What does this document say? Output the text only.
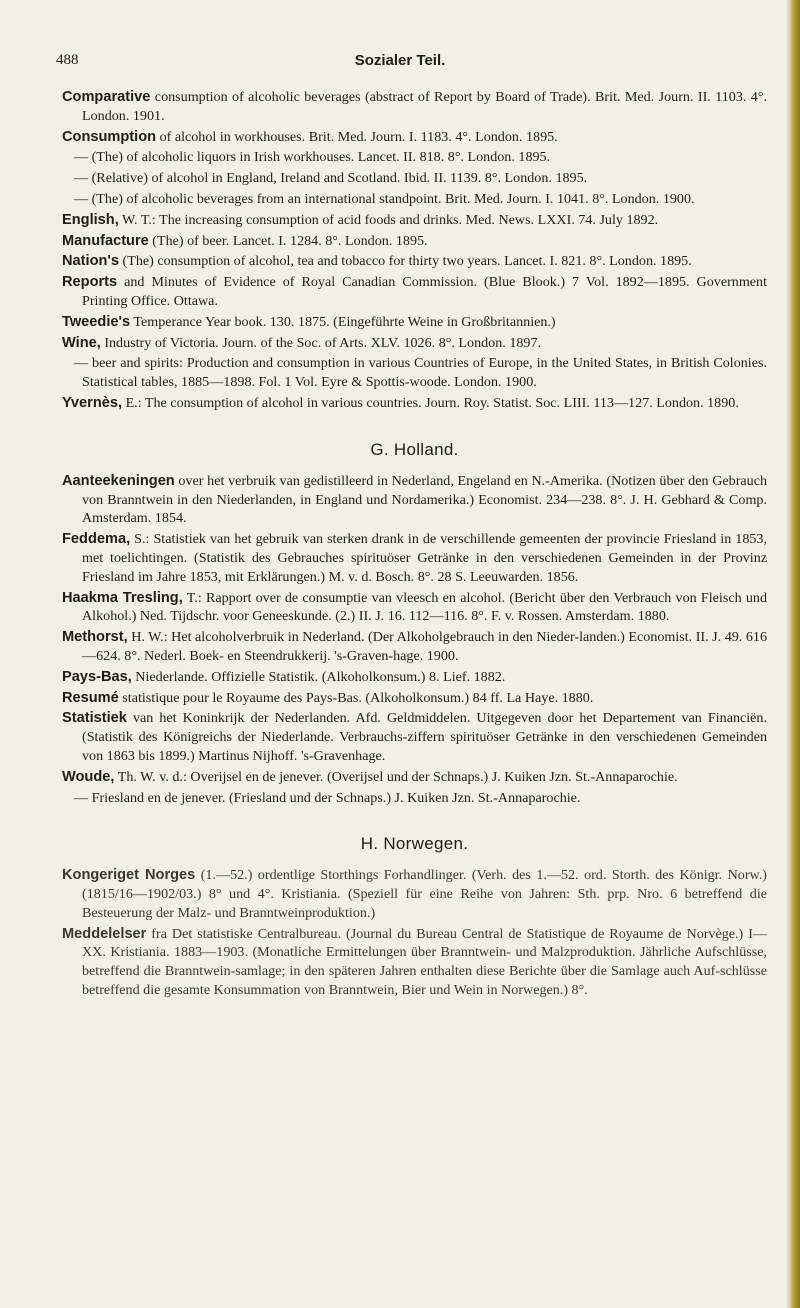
488	Sozialer Teil.

Comparative consumption of alcoholic beverages (abstract of Report by Board of Trade). Brit. Med. Journ. II. 1103. 4°. London. 1901.

Consumption of alcohol in workhouses. Brit. Med. Journ. I. 1183. 4°. London. 1895.

— (The) of alcoholic liquors in Irish workhouses. Lancet. II. 818. 8°. London. 1895.

— (Relative) of alcohol in England, Ireland and Scotland. Ibid. II. 1139. 8°. London. 1895.

— (The) of alcoholic beverages from an international standpoint. Brit. Med. Journ. I. 1041. 8°. London. 1900.

English, W. T.: The increasing consumption of acid foods and drinks. Med. News. LXXI. 74. July 1892.

Manufacture (The) of beer. Lancet. I. 1284. 8°. London. 1895.

Nation's (The) consumption of alcohol, tea and tobacco for thirty two years. Lancet. I. 821. 8°. London. 1895.

Reports and Minutes of Evidence of Royal Canadian Commission. (Blue Blook.) 7 Vol. 1892—1895. Government Printing Office. Ottawa.

Tweedie's Temperance Year book. 130. 1875. (Eingeführte Weine in Großbritannien.)

Wine, Industry of Victoria. Journ. of the Soc. of Arts. XLV. 1026. 8°. London. 1897.

— beer and spirits: Production and consumption in various Countries of Europe, in the United States, in British Colonies. Statistical tables, 1885—1898. Fol. 1 Vol. Eyre & Spottis-woode. London. 1900.

Yvernès, E.: The consumption of alcohol in various countries. Journ. Roy. Statist. Soc. LIII. 113—127. London. 1890.

G. Holland.

Aanteekeningen over het verbruik van gedistilleerd in Nederland, Engeland en N.-Amerika. (Notizen über den Gebrauch von Branntwein in den Niederlanden, in England und Nordamerika.) Economist. 234—238. 8°. J. H. Gebhard & Comp. Amsterdam. 1854.

Feddema, S.: Statistiek van het gebruik van sterken drank in de verschillende gemeenten der provincie Friesland in 1853, met toelichtingen. (Statistik des Gebrauches spirituöser Getränke in den verschiedenen Gemeinden in der Provinz Friesland im Jahre 1853, mit Erklärungen.) M. v. d. Bosch. 8°. 28 S. Leeuwarden. 1856.

Haakma Tresling, T.: Rapport over de consumptie van vleesch en alcohol. (Bericht über den Verbrauch von Fleisch und Alkohol.) Ned. Tijdschr. voor Geneeskunde. (2.) II. J. 16. 112—116. 8°. F. v. Rossen. Amsterdam. 1880.

Methorst, H. W.: Het alcoholverbruik in Nederland. (Der Alkoholgebrauch in den Nieder-landen.) Economist. II. J. 49. 616—624. 8°. Nederl. Boek- en Steendrukkerij. 's-Graven-hage. 1900.

Pays-Bas, Niederlande. Offizielle Statistik. (Alkoholkonsum.) 8. Lief. 1882.

Resumé statistique pour le Royaume des Pays-Bas. (Alkoholkonsum.) 84 ff. La Haye. 1880.

Statistiek van het Koninkrijk der Nederlanden. Afd. Geldmiddelen. Uitgegeven door het Departement van Financiën. (Statistik des Königreichs der Niederlande. Verbrauchs-ziffern spirituöser Getränke in den verschiedenen Gemeinden von 1863 bis 1899.) Martinus Nijhoff. 's-Gravenhage.

Woude, Th. W. v. d.: Overijsel en de jenever. (Overijsel und der Schnaps.) J. Kuiken Jzn. St.-Annaparochie.

— Friesland en de jenever. (Friesland und der Schnaps.) J. Kuiken Jzn. St.-Annaparochie.

H. Norwegen.

Kongeriget Norges (1.—52.) ordentlige Storthings Forhandlinger. (Verh. des 1.—52. ord. Storth. des Königr. Norw.) (1815/16—1902/03.) 8° und 4°. Kristiania. (Speziell für eine Reihe von Jahren: Sth. prp. Nro. 6 betreffend die Besteuerung der Malz- und Branntweinproduktion.)

Meddelelser fra Det statistiske Centralbureau. (Journal du Bureau Central de Statistique de Royaume de Norvège.) I—XX. Kristiania. 1883—1903. (Monatliche Ermittelungen über Branntwein- und Malzproduktion. Jährliche Aufschlüsse, betreffend die Branntwein-samlage; in den späteren Jahren enthalten diese Berichte über die Samlage auch Auf-schlüsse betreffend die gesamte Konsummation von Branntwein, Bier und Wein in Norwegen.) 8°.
